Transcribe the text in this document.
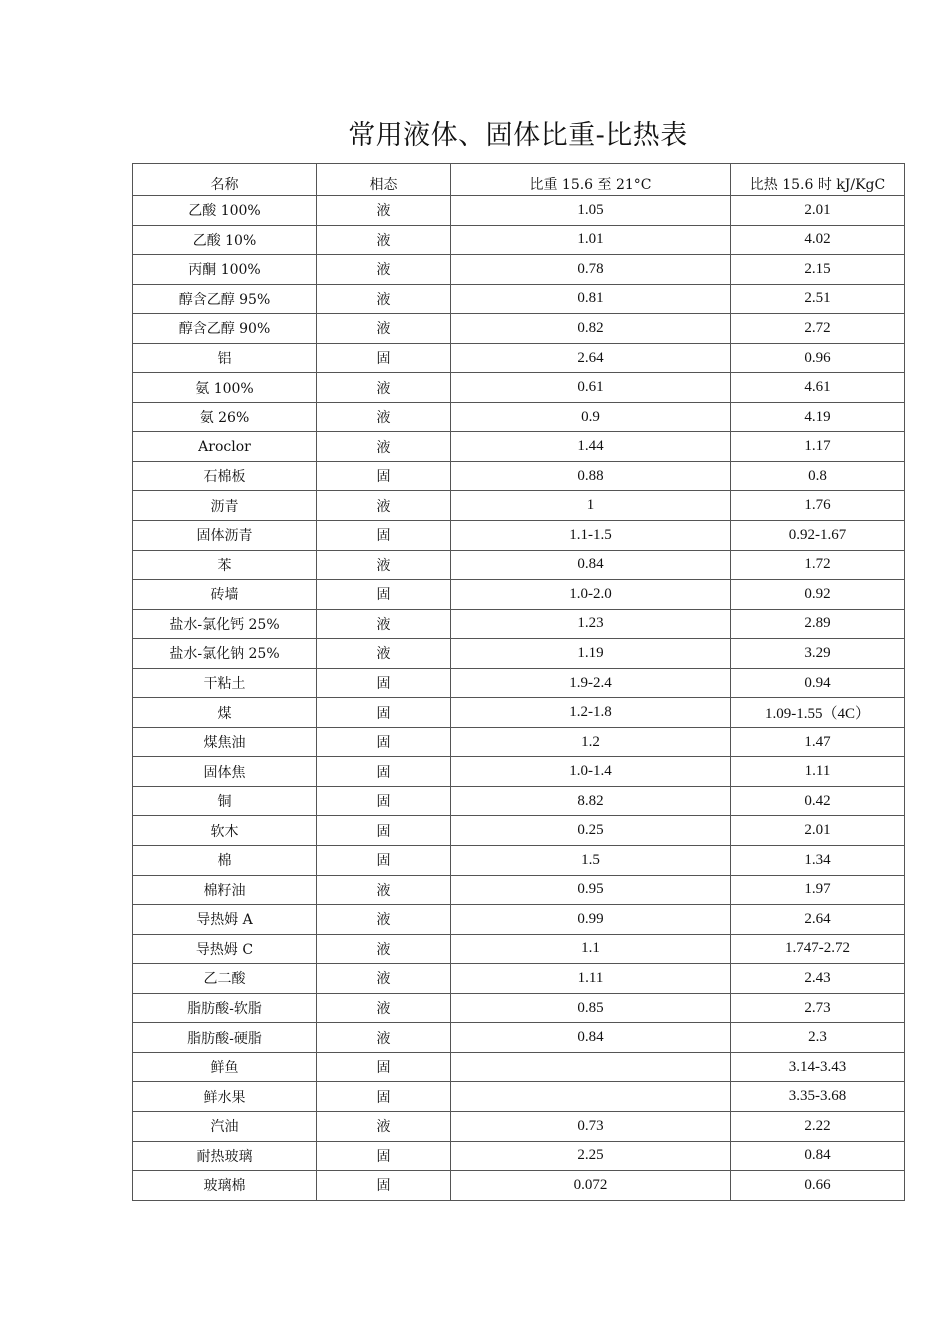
常用液体、固体比重-比热表
名称	相态	比重 15.6 至 21°C	比热 15.6 时 kJ/KgC
乙酸 100%	液	1.05	2.01
乙酸 10%	液	1.01	4.02
丙酮 100%	液	0.78	2.15
醇含乙醇 95%	液	0.81	2.51
醇含乙醇 90%	液	0.82	2.72
铝	固	2.64	0.96
氨 100%	液	0.61	4.61
氨 26%	液	0.9	4.19
Aroclor	液	1.44	1.17
石棉板	固	0.88	0.8
沥青	液	1	1.76
固体沥青	固	1.1-1.5	0.92-1.67
苯	液	0.84	1.72
砖墙	固	1.0-2.0	0.92
盐水-氯化钙 25%	液	1.23	2.89
盐水-氯化钠 25%	液	1.19	3.29
干粘土	固	1.9-2.4	0.94
煤	固	1.2-1.8	1.09-1.55（4C）
煤焦油	固	1.2	1.47
固体焦	固	1.0-1.4	1.11
铜	固	8.82	0.42
软木	固	0.25	2.01
棉	固	1.5	1.34
棉籽油	液	0.95	1.97
导热姆 A	液	0.99	2.64
导热姆 C	液	1.1	1.747-2.72
乙二酸	液	1.11	2.43
脂肪酸-软脂	液	0.85	2.73
脂肪酸-硬脂	液	0.84	2.3
鲜鱼	固		3.14-3.43
鲜水果	固		3.35-3.68
汽油	液	0.73	2.22
耐热玻璃	固	2.25	0.84
玻璃棉	固	0.072	0.66
